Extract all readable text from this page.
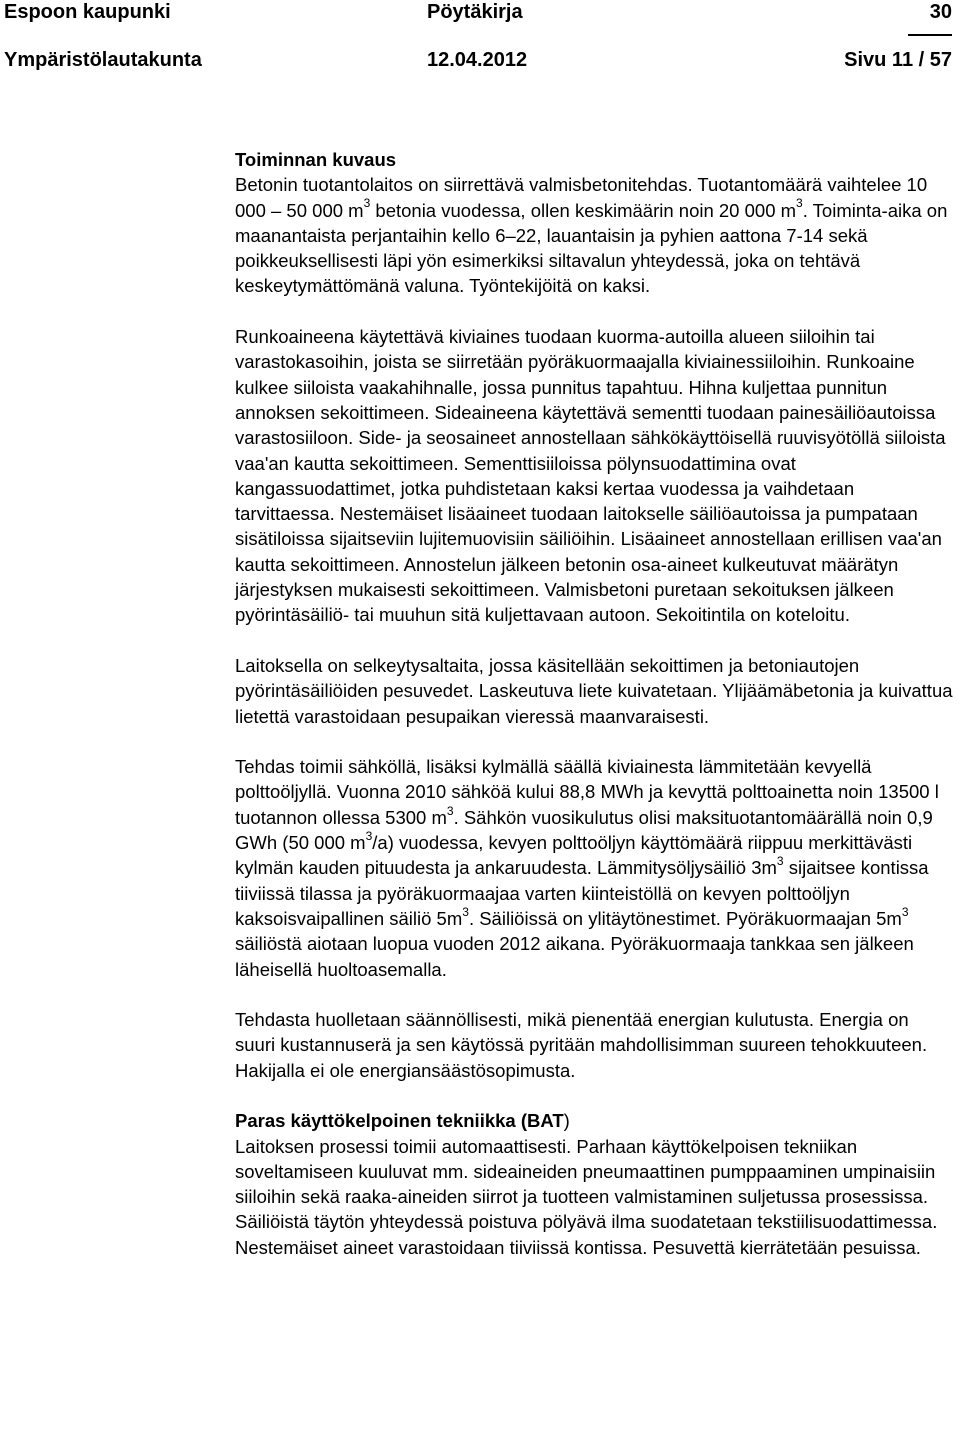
Espoon kaupunki
Ympäristölautakunta
Pöytäkirja
12.04.2012	Sivu 11 / 57
30

Toiminnan kuvaus
Betonin tuotantolaitos on siirrettävä valmisbetonitehdas. Tuotantomäärä vaihtelee 10 000 – 50 000 $m^3$ betonia vuodessa, ollen keskimäärin noin 20 000 $m^3$. Toiminta-aika on maanantaista perjantaihin kello 6–22, lauantaisin ja pyhien aattona 7-14 sekä poikkeuksellisesti läpi yön esimerkiksi siltavalun yhteydessä, joka on tehtävä keskeytymättömänä valuna. Työntekijöitä on kaksi.

Runkoaineena käytettävä kiviaines tuodaan kuorma-autoilla alueen siiloihin tai varastokasoihin, joista se siirretään pyöräkuormaajalla kiviainessiiloihin. Runkoaine kulkee siiloista vaakahihnalle, jossa punnitus tapahtuu. Hihna kuljettaa punnitun annoksen sekoittimeen. Sideaineena käytettävä sementti tuodaan painesäiliöautoissa varastosiiloon. Side- ja seosaineet annostellaan sähkökäyttöisellä ruuvisyötöllä siiloista vaa'an kautta sekoittimeen. Sementtisiiloissa pölynsuodattimina ovat kangassuodattimet, jotka puhdistetaan kaksi kertaa vuodessa ja vaihdetaan tarvittaessa. Nestemäiset lisäaineet tuodaan laitokselle säiliöautoissa ja pumpataan sisätiloissa sijaitseviin lujitemuovisiin säiliöihin. Lisäaineet annostellaan erillisen vaa'an kautta sekoittimeen. Annostelun jälkeen betonin osa-aineet kulkeutuvat määrätyn järjestyksen mukaisesti sekoittimeen. Valmisbetoni puretaan sekoituksen jälkeen pyörintäsäiliö- tai muuhun sitä kuljettavaan autoon. Sekoitintila on koteloitu.

Laitoksella on selkeytysaltaita, jossa käsitellään sekoittimen ja betoniautojen pyörintäsäiliöiden pesuvedet. Laskeutuva liete kuivatetaan. Ylijäämäbetonia ja kuivattua lietettä varastoidaan pesupaikan vieressä maanvaraisesti.

Tehdas toimii sähköllä, lisäksi kylmällä säällä kiviainesta lämmitetään kevyellä polttoöljyllä. Vuonna 2010 sähköä kului 88,8 MWh ja kevyttä polttoainetta noin 13500 l tuotannon ollessa 5300 $m^3$. Sähkön vuosikulutus olisi maksituotantomäärällä noin 0,9 GWh (50 000 $m^3/a$) vuodessa, kevyen polttoöljyn käyttömäärä riippuu merkittävästi kylmän kauden pituudesta ja ankaruudesta. Lämmitysöljysäiliö $3m^3$ sijaitsee kontissa tiiviissä tilassa ja pyöräkuormaajaa varten kiinteistöllä on kevyen polttoöljyn kaksoisvaipallinen säiliö $5m^3$. Säiliöissä on ylitäytönestimet. Pyöräkuormaajan $5m^3$ säiliöstä aiotaan luopua vuoden 2012 aikana. Pyöräkuormaaja tankkaa sen jälkeen läheisellä huoltoasemalla.

Tehdasta huolletaan säännöllisesti, mikä pienentää energian kulutusta. Energia on suuri kustannuserä ja sen käytössä pyritään mahdollisimman suureen tehokkuuteen. Hakijalla ei ole energiansäästösopimusta.

Paras käyttökelpoinen tekniikka (BAT)
Laitoksen prosessi toimii automaattisesti. Parhaan käyttökelpoisen tekniikan soveltamiseen kuuluvat mm. sideaineiden pneumaattinen pumppaaminen umpinaisiin siiloihin sekä raaka-aineiden siirrot ja tuotteen valmistaminen suljetussa prosessissa. Säiliöistä täytön yhteydessä poistuva pölyävä ilma suodatetaan tekstiilisuodattimessa. Nestemäiset aineet varastoidaan tiiviissä kontissa. Pesuvettä kierrätetään pesuissa.
